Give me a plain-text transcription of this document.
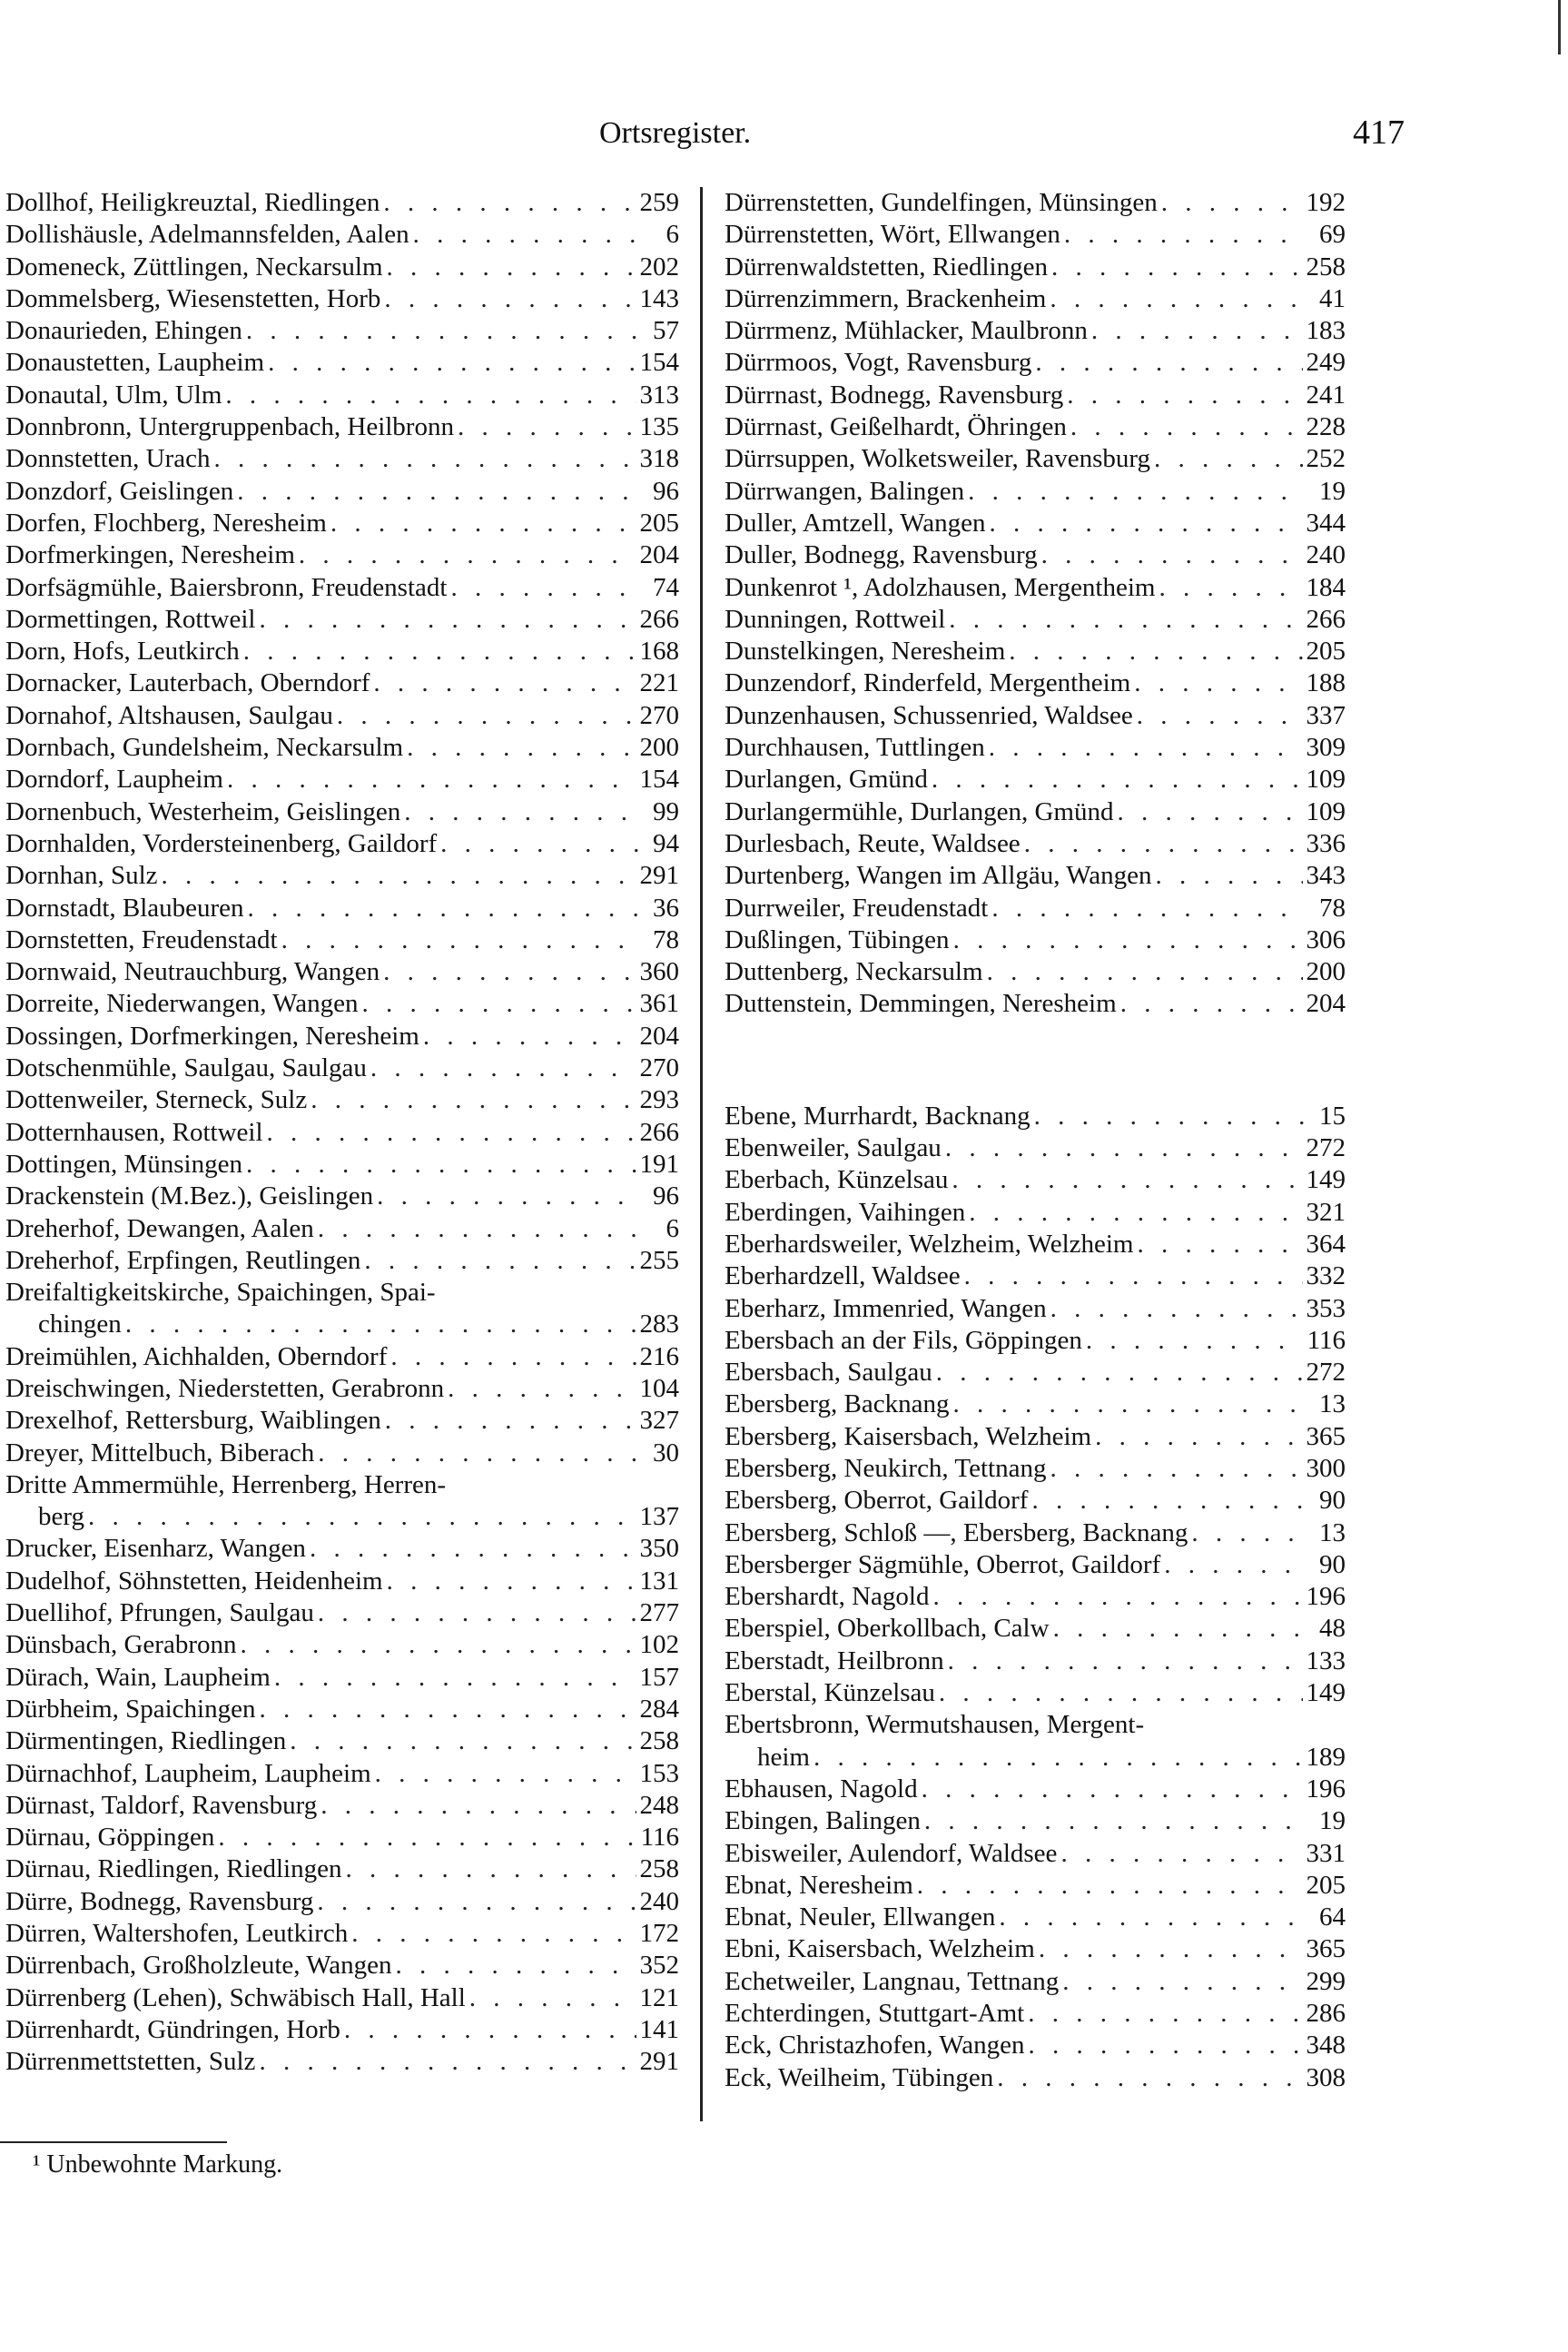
Ortsregister.	417
Dollhof, Heiligkreuztal, Riedlingen . . .	259
Dollishäusle, Adelmannsfelden, Aalen . . .	6
Domeneck, Züttlingen, Neckarsulm . . .	202
Dommelsberg, Wiesenstetten, Horb . . .	143
Donaurieden, Ehingen . . .	57
Donaustetten, Laupheim . . .	154
Donautal, Ulm, Ulm . . .	313
Donnbronn, Untergruppenbach, Heilbronn . . .	135
Donnstetten, Urach . . .	318
Donzdorf, Geislingen . . .	96
Dorfen, Flochberg, Neresheim . . .	205
Dorfmerkingen, Neresheim . . .	204
Dorfsägmühle, Baiersbronn, Freudenstadt . . .	74
Dormettingen, Rottweil . . .	266
Dorn, Hofs, Leutkirch . . .	168
Dornacker, Lauterbach, Oberndorf . . .	221
Dornahof, Altshausen, Saulgau . . .	270
Dornbach, Gundelsheim, Neckarsulm . . .	200
Dorndorf, Laupheim . . .	154
Dornenbuch, Westerheim, Geislingen . . .	99
Dornhalden, Vordersteinenberg, Gaildorf . . .	94
Dornhan, Sulz . . .	291
Dornstadt, Blaubeuren . . .	36
Dornstetten, Freudenstadt . . .	78
Dornwaid, Neutrauchburg, Wangen . . .	360
Dorreite, Niederwangen, Wangen . . .	361
Dossingen, Dorfmerkingen, Neresheim . . .	204
Dotschenmühle, Saulgau, Saulgau . . .	270
Dottenweiler, Sterneck, Sulz . . .	293
Dotternhausen, Rottweil . . .	266
Dottingen, Münsingen . . .	191
Drackenstein (M.Bez.), Geislingen . . .	96
Dreherhof, Dewangen, Aalen . . .	6
Dreherhof, Erpfingen, Reutlingen . . .	255
Dreifaltigkeitskirche, Spaichingen, Spai-
chingen . . .	283
Dreimühlen, Aichhalden, Oberndorf . . .	216
Dreischwingen, Niederstetten, Gerabronn . . .	104
Drexelhof, Rettersburg, Waiblingen . . .	327
Dreyer, Mittelbuch, Biberach . . .	30
Dritte Ammermühle, Herrenberg, Herren-
berg . . .	137
Drucker, Eisenharz, Wangen . . .	350
Dudelhof, Söhnstetten, Heidenheim . . .	131
Duellihof, Pfrungen, Saulgau . . .	277
Dünsbach, Gerabronn . . .	102
Dürach, Wain, Laupheim . . .	157
Dürbheim, Spaichingen . . .	284
Dürmentingen, Riedlingen . . .	258
Dürnachhof, Laupheim, Laupheim . . .	153
Dürnast, Taldorf, Ravensburg . . .	248
Dürnau, Göppingen . . .	116
Dürnau, Riedlingen, Riedlingen . . .	258
Dürre, Bodnegg, Ravensburg . . .	240
Dürren, Waltershofen, Leutkirch . . .	172
Dürrenbach, Großholzleute, Wangen . . .	352
Dürrenberg (Lehen), Schwäbisch Hall, Hall . . .	121
Dürrenhardt, Gündringen, Horb . . .	141
Dürrenmettstetten, Sulz . . .	291
Dürrenstetten, Gundelfingen, Münsingen . . .	192
Dürrenstetten, Wört, Ellwangen . . .	69
Dürrenwaldstetten, Riedlingen . . .	258
Dürrenzimmern, Brackenheim . . .	41
Dürrmenz, Mühlacker, Maulbronn . . .	183
Dürrmoos, Vogt, Ravensburg . . .	249
Dürrnast, Bodnegg, Ravensburg . . .	241
Dürrnast, Geißelhardt, Öhringen . . .	228
Dürrsuppen, Wolketsweiler, Ravensburg . . .	252
Dürrwangen, Balingen . . .	19
Duller, Amtzell, Wangen . . .	344
Duller, Bodnegg, Ravensburg . . .	240
Dunkenrot ¹, Adolzhausen, Mergentheim . . .	184
Dunningen, Rottweil . . .	266
Dunstelkingen, Neresheim . . .	205
Dunzendorf, Rinderfeld, Mergentheim . . .	188
Dunzenhausen, Schussenried, Waldsee . . .	337
Durchhausen, Tuttlingen . . .	309
Durlangen, Gmünd . . .	109
Durlangermühle, Durlangen, Gmünd . . .	109
Durlesbach, Reute, Waldsee . . .	336
Durtenberg, Wangen im Allgäu, Wangen . . .	343
Durrweiler, Freudenstadt . . .	78
Dußlingen, Tübingen . . .	306
Duttenberg, Neckarsulm . . .	200
Duttenstein, Demmingen, Neresheim . . .	204
Ebene, Murrhardt, Backnang . . .	15
Ebenweiler, Saulgau . . .	272
Eberbach, Künzelsau . . .	149
Eberdingen, Vaihingen . . .	321
Eberhardsweiler, Welzheim, Welzheim . . .	364
Eberhardzell, Waldsee . . .	332
Eberharz, Immenried, Wangen . . .	353
Ebersbach an der Fils, Göppingen . . .	116
Ebersbach, Saulgau . . .	272
Ebersberg, Backnang . . .	13
Ebersberg, Kaisersbach, Welzheim . . .	365
Ebersberg, Neukirch, Tettnang . . .	300
Ebersberg, Oberrot, Gaildorf . . .	90
Ebersberg, Schloß —, Ebersberg, Backnang . . .	13
Ebersberger Sägmühle, Oberrot, Gaildorf . . .	90
Ebershardt, Nagold . . .	196
Eberspiel, Oberkollbach, Calw . . .	48
Eberstadt, Heilbronn . . .	133
Eberstal, Künzelsau . . .	149
Ebertsbronn, Wermutshausen, Mergent-
heim . . .	189
Ebhausen, Nagold . . .	196
Ebingen, Balingen . . .	19
Ebisweiler, Aulendorf, Waldsee . . .	331
Ebnat, Neresheim . . .	205
Ebnat, Neuler, Ellwangen . . .	64
Ebni, Kaisersbach, Welzheim . . .	365
Echetweiler, Langnau, Tettnang . . .	299
Echterdingen, Stuttgart-Amt . . .	286
Eck, Christazhofen, Wangen . . .	348
Eck, Weilheim, Tübingen . . .	308
¹ Unbewohnte Markung.
